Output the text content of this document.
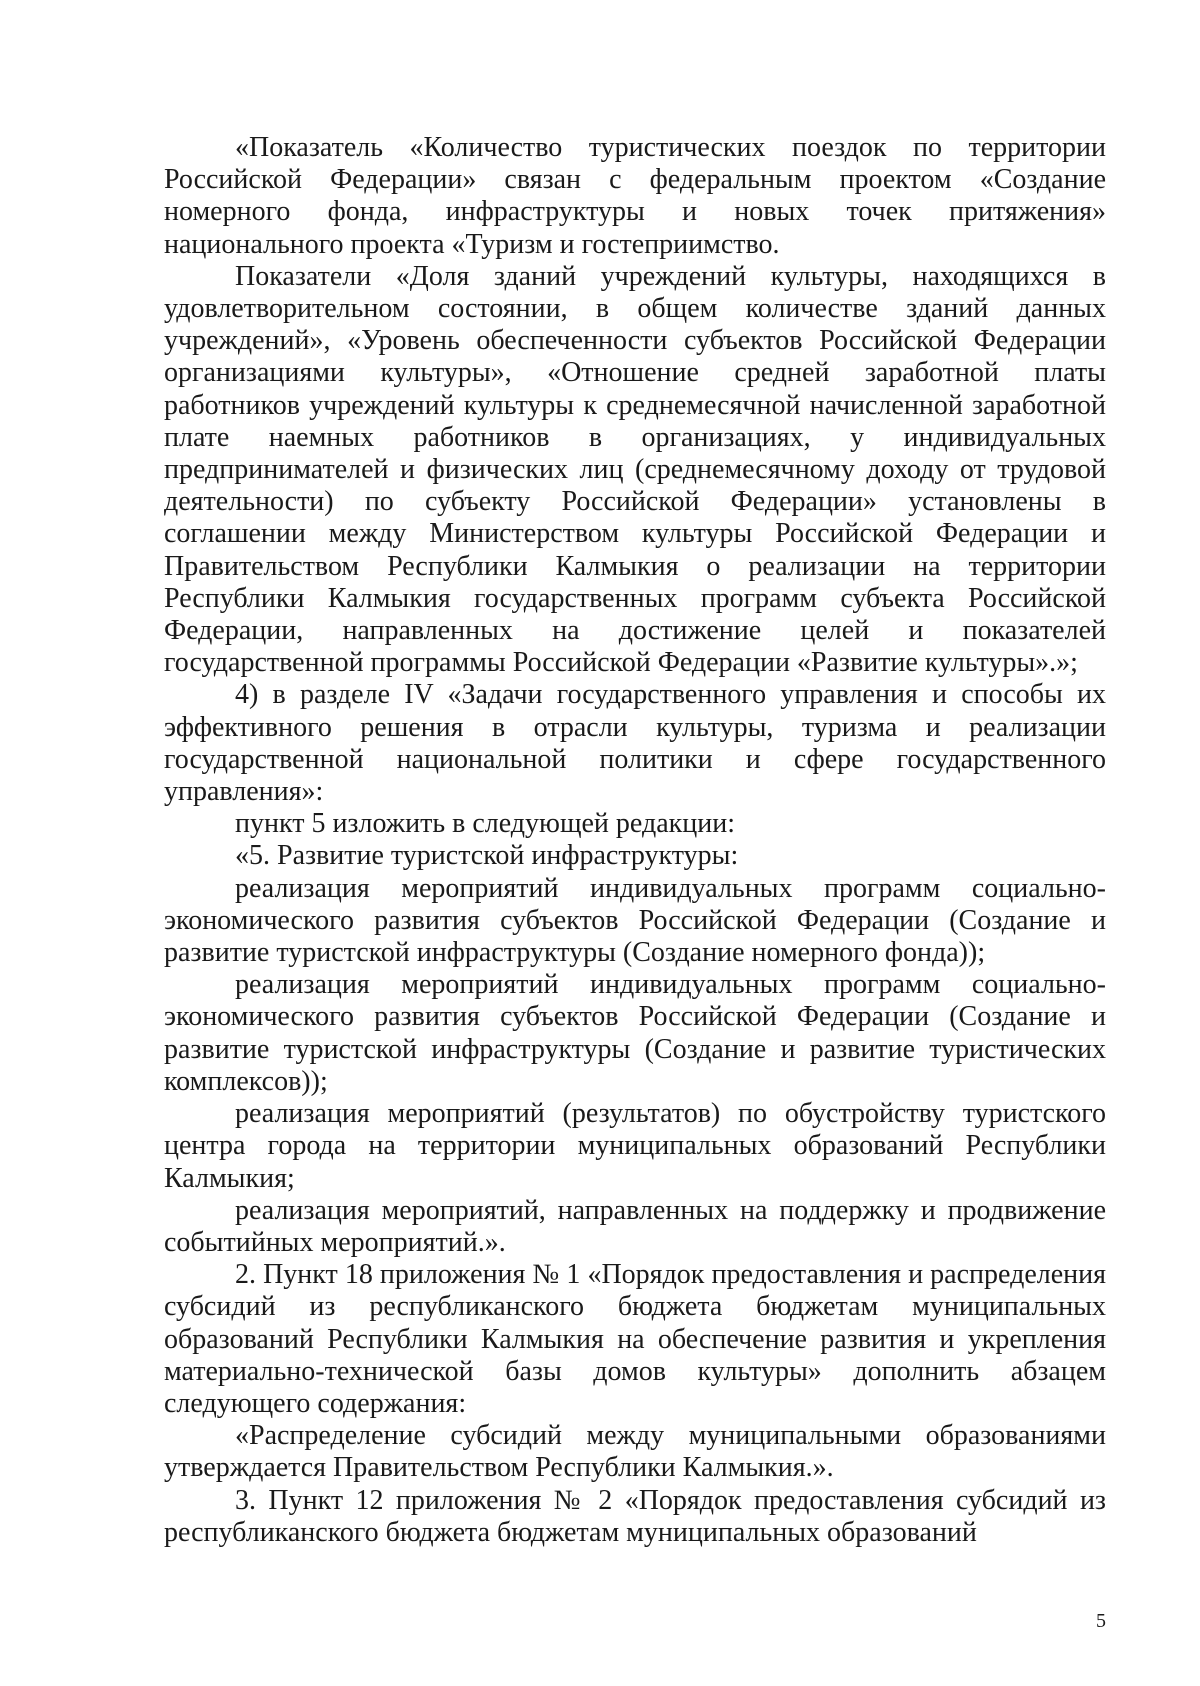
«Показатель «Количество туристических поездок по территории Российской Федерации» связан с федеральным проектом «Создание номерного фонда, инфраструктуры и новых точек притяжения» национального проекта «Туризм и гостеприимство.

Показатели «Доля зданий учреждений культуры, находящихся в удовлетворительном состоянии, в общем количестве зданий данных учреждений», «Уровень обеспеченности субъектов Российской Федерации организациями культуры», «Отношение средней заработной платы работников учреждений культуры к среднемесячной начисленной заработной плате наемных работников в организациях, у индивидуальных предпринимателей и физических лиц (среднемесячному доходу от трудовой деятельности) по субъекту Российской Федерации» установлены в соглашении между Министерством культуры Российской Федерации и Правительством Республики Калмыкия о реализации на территории Республики Калмыкия государственных программ субъекта Российской Федерации, направленных на достижение целей и показателей государственной программы Российской Федерации «Развитие культуры».»;

4) в разделе IV «Задачи государственного управления и способы их эффективного решения в отрасли культуры, туризма и реализации государственной национальной политики и сфере государственного управления»:

пункт 5 изложить в следующей редакции:

«5. Развитие туристской инфраструктуры:

реализация мероприятий индивидуальных программ социально-экономического развития субъектов Российской Федерации (Создание и развитие туристской инфраструктуры (Создание номерного фонда));

реализация мероприятий индивидуальных программ социально-экономического развития субъектов Российской Федерации (Создание и развитие туристской инфраструктуры (Создание и развитие туристических комплексов));

реализация мероприятий (результатов) по обустройству туристского центра города на территории муниципальных образований Республики Калмыкия;

реализация мероприятий, направленных на поддержку и продвижение событийных мероприятий.».

2. Пункт 18 приложения № 1 «Порядок предоставления и распределения субсидий из республиканского бюджета бюджетам муниципальных образований Республики Калмыкия на обеспечение развития и укрепления материально-технической базы домов культуры» дополнить абзацем следующего содержания:

«Распределение субсидий между муниципальными образованиями утверждается Правительством Республики Калмыкия.».

3. Пункт 12 приложения № 2 «Порядок предоставления субсидий из республиканского бюджета бюджетам муниципальных образований

5
